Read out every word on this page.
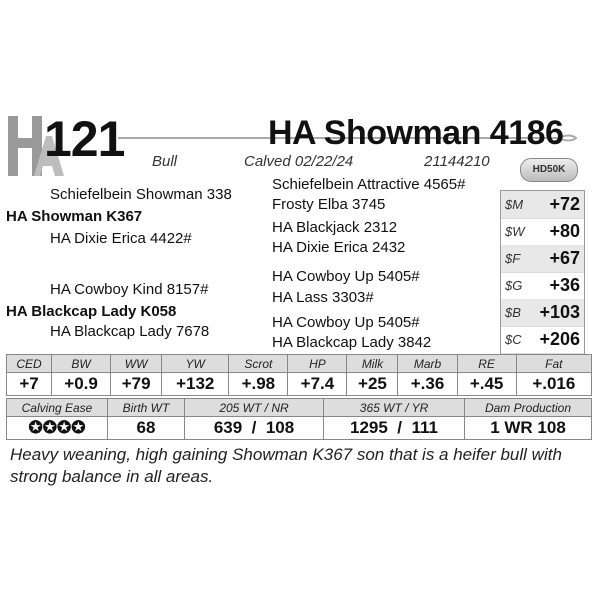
121	HA Showman 4186
Bull	Calved 02/22/24	21144210	HD50K
Schiefelbein Showman 338
HA Showman K367
HA Dixie Erica 4422#
HA Cowboy Kind 8157#
HA Blackcap Lady K058
HA Blackcap Lady 7678
Schiefelbein Attractive 4565#
Frosty Elba 3745
HA Blackjack 2312
HA Dixie Erica 2432
HA Cowboy Up 5405#
HA Lass 3303#
HA Cowboy Up 5405#
HA Blackcap Lady 3842
$M +72
$W +80
$F +67
$G +36
$B +103
$C +206
CED	BW	WW	YW	Scrot	HP	Milk	Marb	RE	Fat
+7	+0.9	+79	+132	+.98	+7.4	+25	+.36	+.45	+.016
Calving Ease	Birth WT	205 WT / NR	365 WT / YR	Dam Production
✪✪✪✪	68	639  /  108	1295  /  111	1 WR 108
Heavy weaning, high gaining Showman K367 son that is a heifer bull with strong balance in all areas.
